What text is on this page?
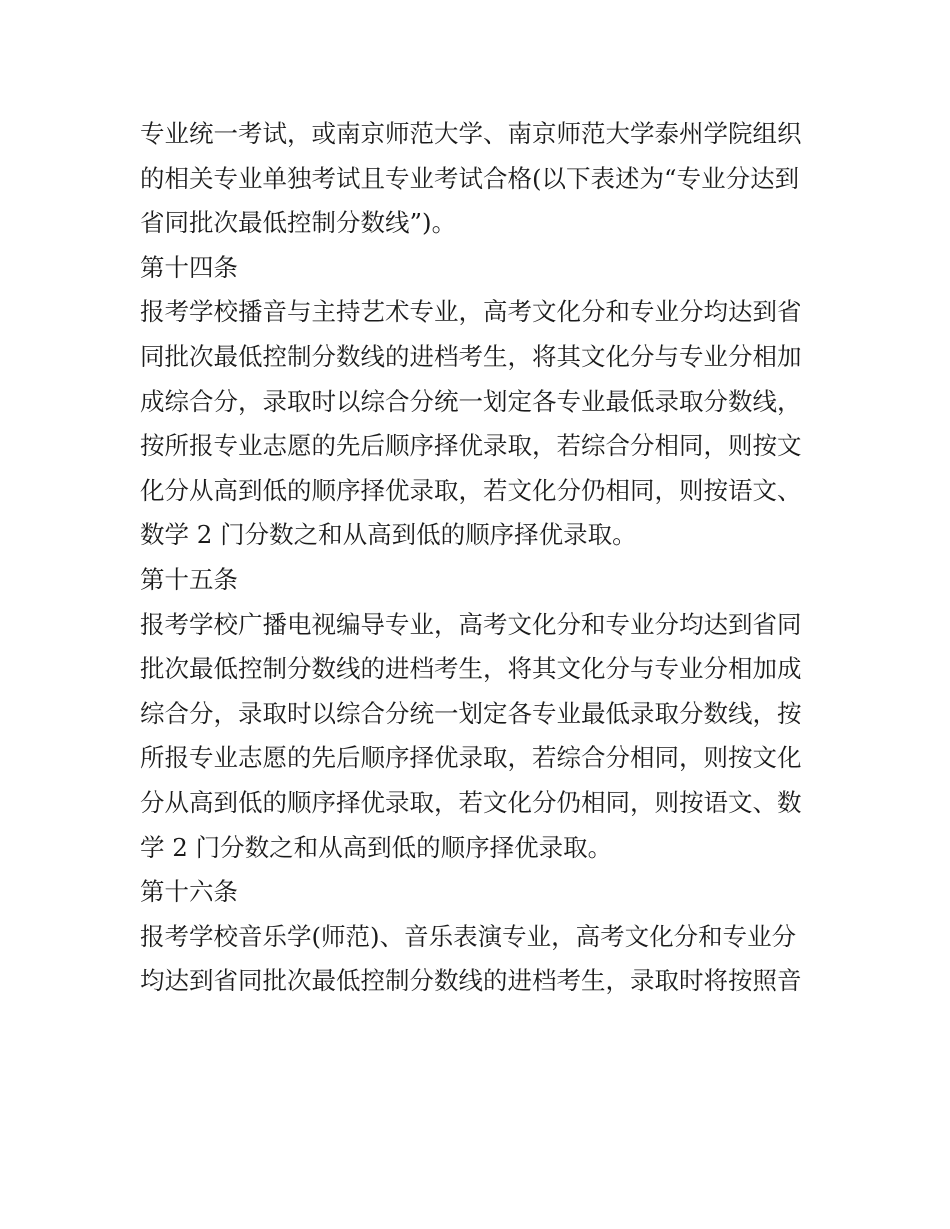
专业统一考试，或南京师范大学、南京师范大学泰州学院组织
的相关专业单独考试且专业考试合格(以下表述为“专业分达到
省同批次最低控制分数线”)。
第十四条
报考学校播音与主持艺术专业，高考文化分和专业分均达到省
同批次最低控制分数线的进档考生，将其文化分与专业分相加
成综合分，录取时以综合分统一划定各专业最低录取分数线，
按所报专业志愿的先后顺序择优录取，若综合分相同，则按文
化分从高到低的顺序择优录取，若文化分仍相同，则按语文、
数学 2 门分数之和从高到低的顺序择优录取。
第十五条
报考学校广播电视编导专业，高考文化分和专业分均达到省同
批次最低控制分数线的进档考生，将其文化分与专业分相加成
综合分，录取时以综合分统一划定各专业最低录取分数线，按
所报专业志愿的先后顺序择优录取，若综合分相同，则按文化
分从高到低的顺序择优录取，若文化分仍相同，则按语文、数
学 2 门分数之和从高到低的顺序择优录取。
第十六条
报考学校音乐学(师范)、音乐表演专业，高考文化分和专业分
均达到省同批次最低控制分数线的进档考生，录取时将按照音
